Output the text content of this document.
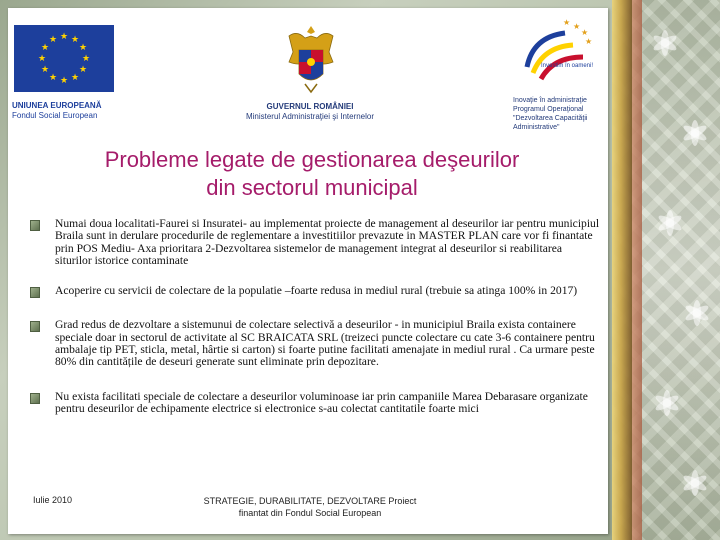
★ ★
★
★
★
★
★
★
★
★
★
★
UNIUNEA EUROPEANĂ
Fondul Social European
GUVERNUL ROMÂNIEI
Ministerul Administraţiei şi Internelor
★
★
★
★
Investim în oameni!
Inovaţie în administraţie
Programul Operaţional
"Dezvoltarea Capacităţii
Administrative"
Probleme legate de gestionarea deşeurilor
din sectorul municipal
Numai doua localitati-Faurei si Insuratei- au implementat proiecte de management al deseurilor iar pentru municipiul Braila sunt in derulare procedurile de reglementare a investitiilor prevazute in MASTER PLAN care vor fi finantate prin POS Mediu- Axa prioritara 2-Dezvoltarea sistemelor de management integrat al deseurilor si reabilitarea siturilor istorice contaminate
Acoperire cu servicii de colectare de la populatie –foarte redusa in mediul rural (trebuie sa atinga 100% in 2017)
Grad redus de dezvoltare a sistemunui de colectare selectivă a deseurilor - in municipiul Braila exista containere speciale doar in sectorul de activitate al SC BRAICATA SRL (treizeci puncte colectare cu cate 3-6 containere pentru ambalaje tip PET, sticla, metal, hârtie si carton) si foarte putine facilitati amenajate in mediul rural . Ca urmare peste 80% din cantitățile de deseuri generate sunt eliminate prin depozitare.
Nu exista facilitati speciale de colectare a deseurilor voluminoase iar prin campaniile Marea Debarasare organizate pentru deseurilor de echipamente electrice si electronice s-au colectat cantitatile foarte mici
Iulie 2010	STRATEGIE, DURABILITATE, DEZVOLTARE Proiect
finantat din Fondul Social European
